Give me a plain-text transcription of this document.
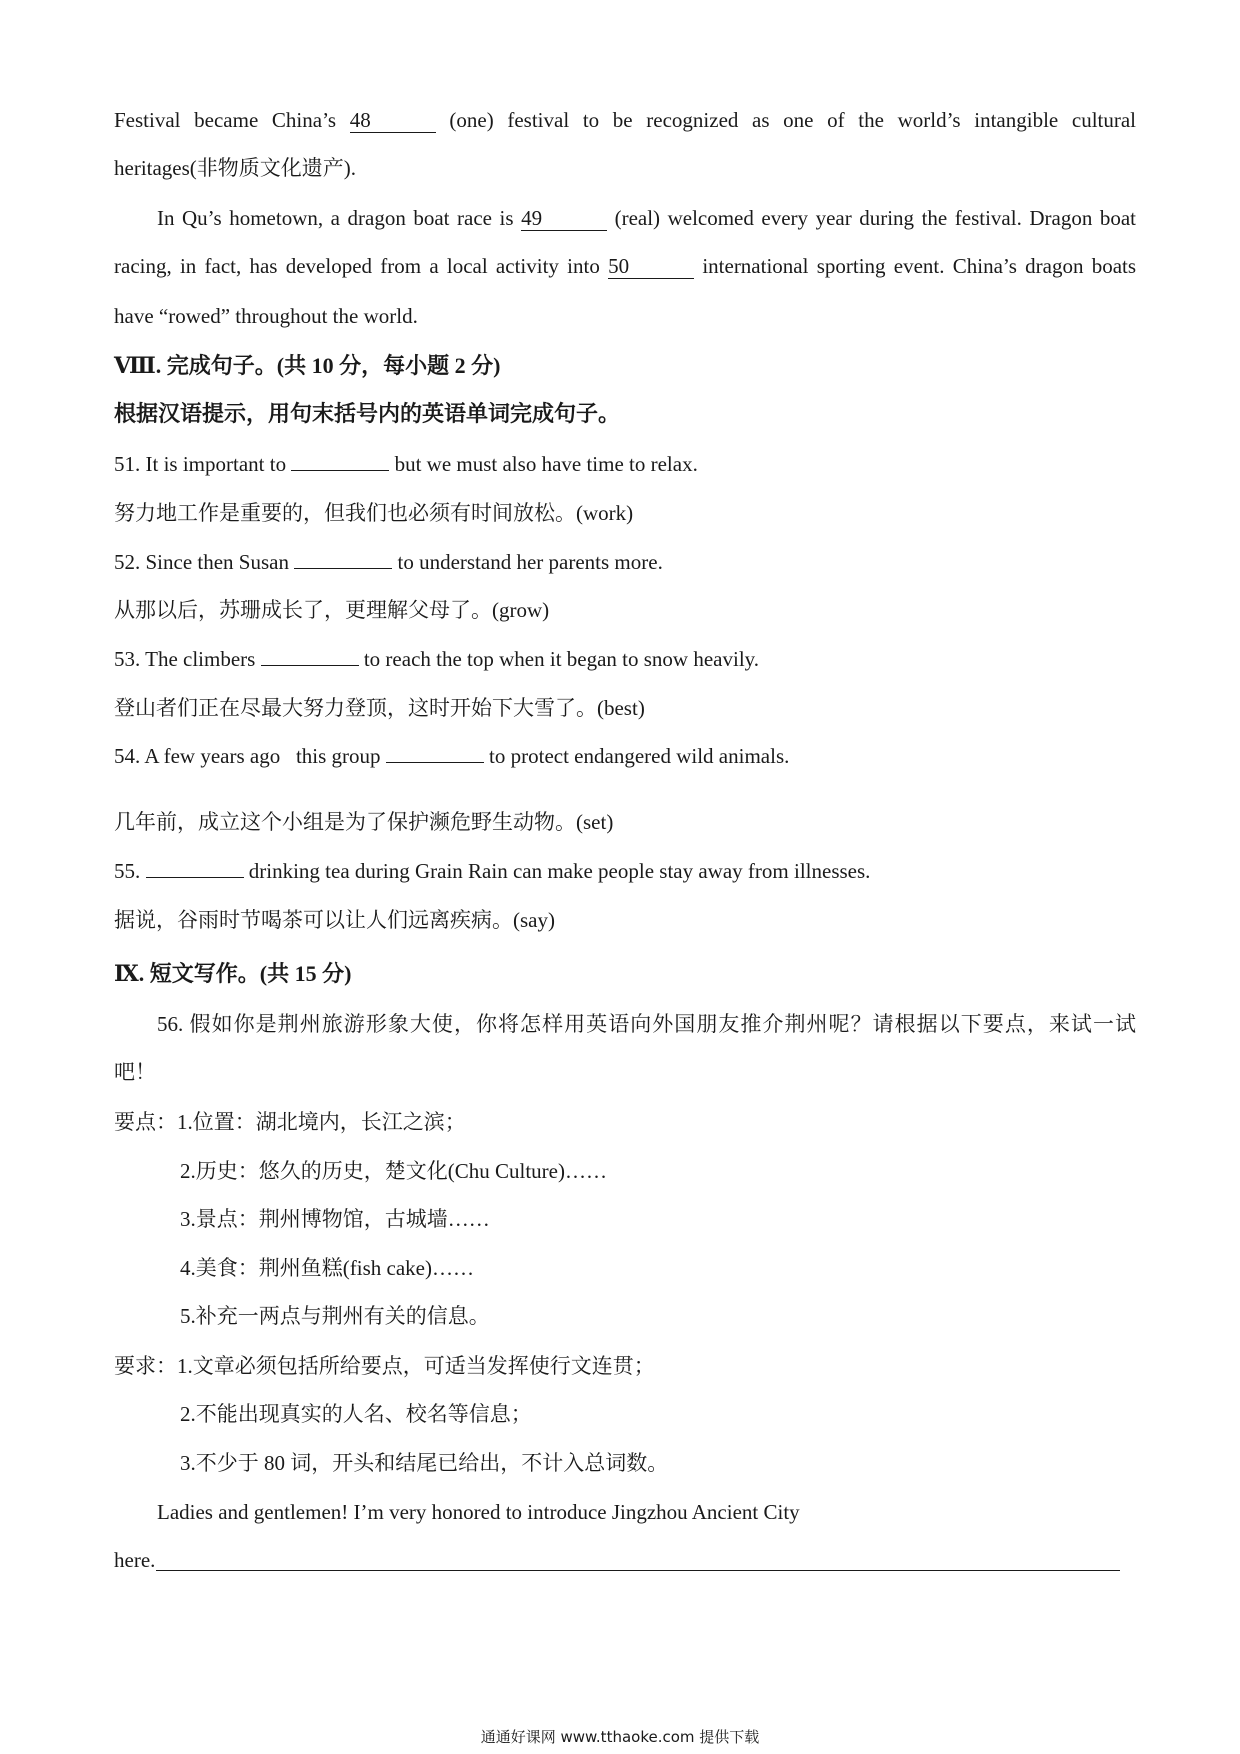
Festival became China’s 48	(one) festival to be recognized as one of the world’s intangible cultural
heritages(非物质文化遗产).
In Qu’s hometown, a dragon boat race is 49	(real) welcomed every year during the festival. Dragon boat
racing, in fact, has developed from a local activity into 50	international sporting event. China’s dragon boats
have “rowed” throughout the world.
Ⅷ. 完成句子。(共 10 分，每小题 2 分)
根据汉语提示，用句末括号内的英语单词完成句子。
51. It is important to	but we must also have time to relax.
努力地工作是重要的，但我们也必须有时间放松。(work)
52. Since then Susan	to understand her parents more.
从那以后，苏珊成长了，更理解父母了。(grow)
53. The climbers	to reach the top when it began to snow heavily.
登山者们正在尽最大努力登顶，这时开始下大雪了。(best)
54. A few years ago   this group	to protect endangered wild animals.
几年前，成立这个小组是为了保护濒危野生动物。(set)
55.	drinking tea during Grain Rain can make people stay away from illnesses.
据说，谷雨时节喝茶可以让人们远离疾病。(say)
Ⅸ. 短文写作。(共 15 分)
56. 假如你是荆州旅游形象大使，你将怎样用英语向外国朋友推介荆州呢？请根据以下要点，来试一试
吧！
要点：1.位置：湖北境内，长江之滨；
2.历史：悠久的历史，楚文化(Chu Culture)……
3.景点：荆州博物馆，古城墙……
4.美食：荆州鱼糕(fish cake)……
5.补充一两点与荆州有关的信息。
要求：1.文章必须包括所给要点，可适当发挥使行文连贯；
2.不能出现真实的人名、校名等信息；
3.不少于 80 词，开头和结尾已给出，不计入总词数。
Ladies and gentlemen! I’m very honored to introduce Jingzhou Ancient City
here.
通通好课网 www.tthaoke.com 提供下载
